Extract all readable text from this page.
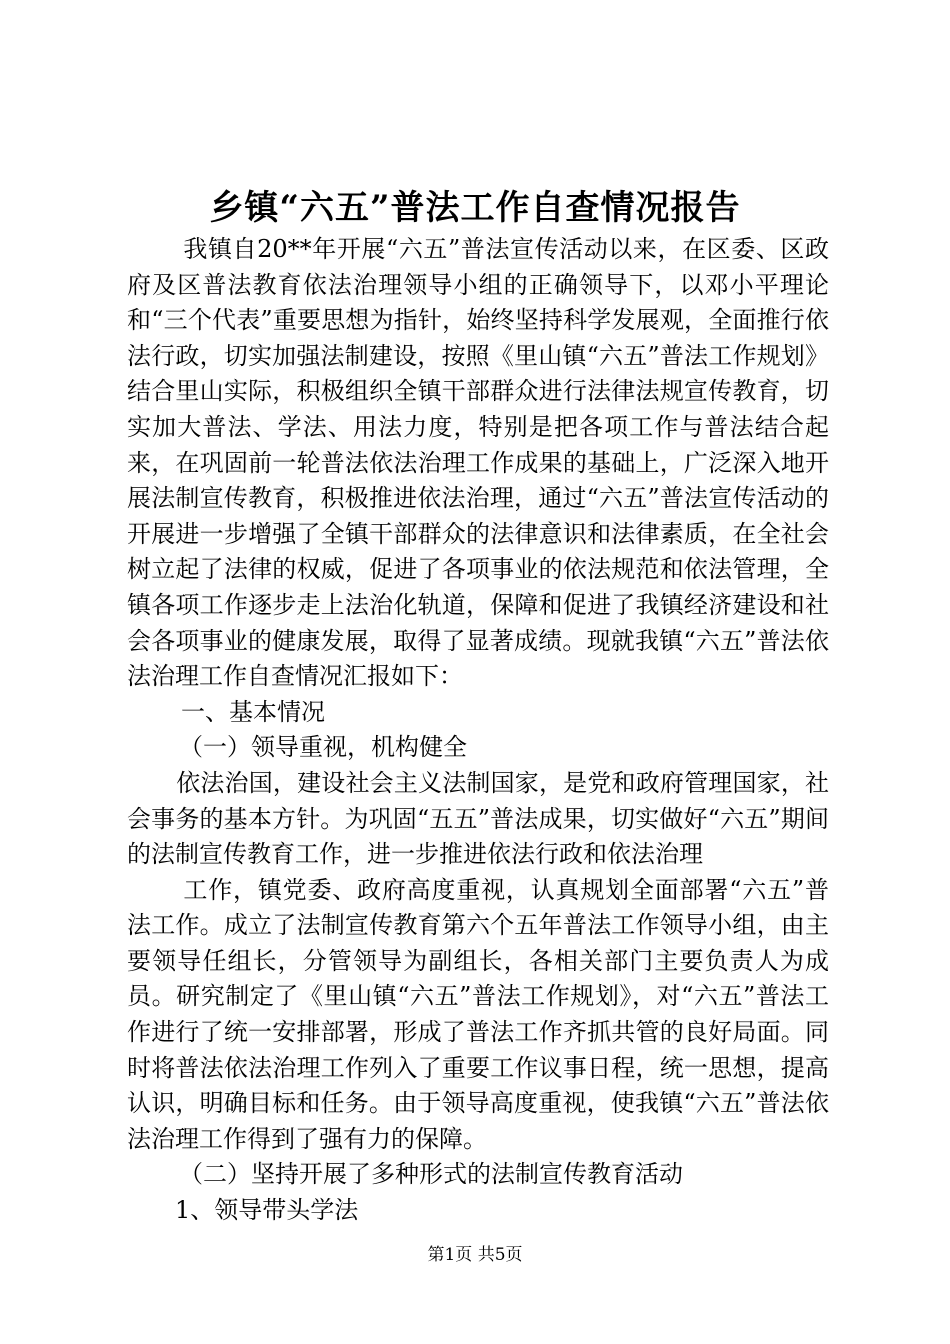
乡镇“六五”普法工作自查情况报告

我镇自20**年开展“六五”普法宣传活动以来，在区委、区政府及区普法教育依法治理领导小组的正确领导下，以邓小平理论和“三个代表”重要思想为指针，始终坚持科学发展观，全面推行依法行政，切实加强法制建设，按照《里山镇“六五”普法工作规划》结合里山实际，积极组织全镇干部群众进行法律法规宣传教育，切实加大普法、学法、用法力度，特别是把各项工作与普法结合起来，在巩固前一轮普法依法治理工作成果的基础上，广泛深入地开展法制宣传教育，积极推进依法治理，通过“六五”普法宣传活动的开展进一步增强了全镇干部群众的法律意识和法律素质，在全社会树立起了法律的权威，促进了各项事业的依法规范和依法管理，全镇各项工作逐步走上法治化轨道，保障和促进了我镇经济建设和社会各项事业的健康发展，取得了显著成绩。现就我镇“六五”普法依法治理工作自查情况汇报如下：

一、基本情况

（一）领导重视，机构健全

依法治国，建设社会主义法制国家，是党和政府管理国家，社会事务的基本方针。为巩固“五五”普法成果，切实做好“六五”期间的法制宣传教育工作，进一步推进依法行政和依法治理

工作，镇党委、政府高度重视，认真规划全面部署“六五”普法工作。成立了法制宣传教育第六个五年普法工作领导小组，由主要领导任组长，分管领导为副组长，各相关部门主要负责人为成员。研究制定了《里山镇“六五”普法工作规划》，对“六五”普法工作进行了统一安排部署，形成了普法工作齐抓共管的良好局面。同时将普法依法治理工作列入了重要工作议事日程，统一思想，提高认识，明确目标和任务。由于领导高度重视，使我镇“六五”普法依法治理工作得到了强有力的保障。

（二）坚持开展了多种形式的法制宣传教育活动

1、领导带头学法

第1页 共5页
